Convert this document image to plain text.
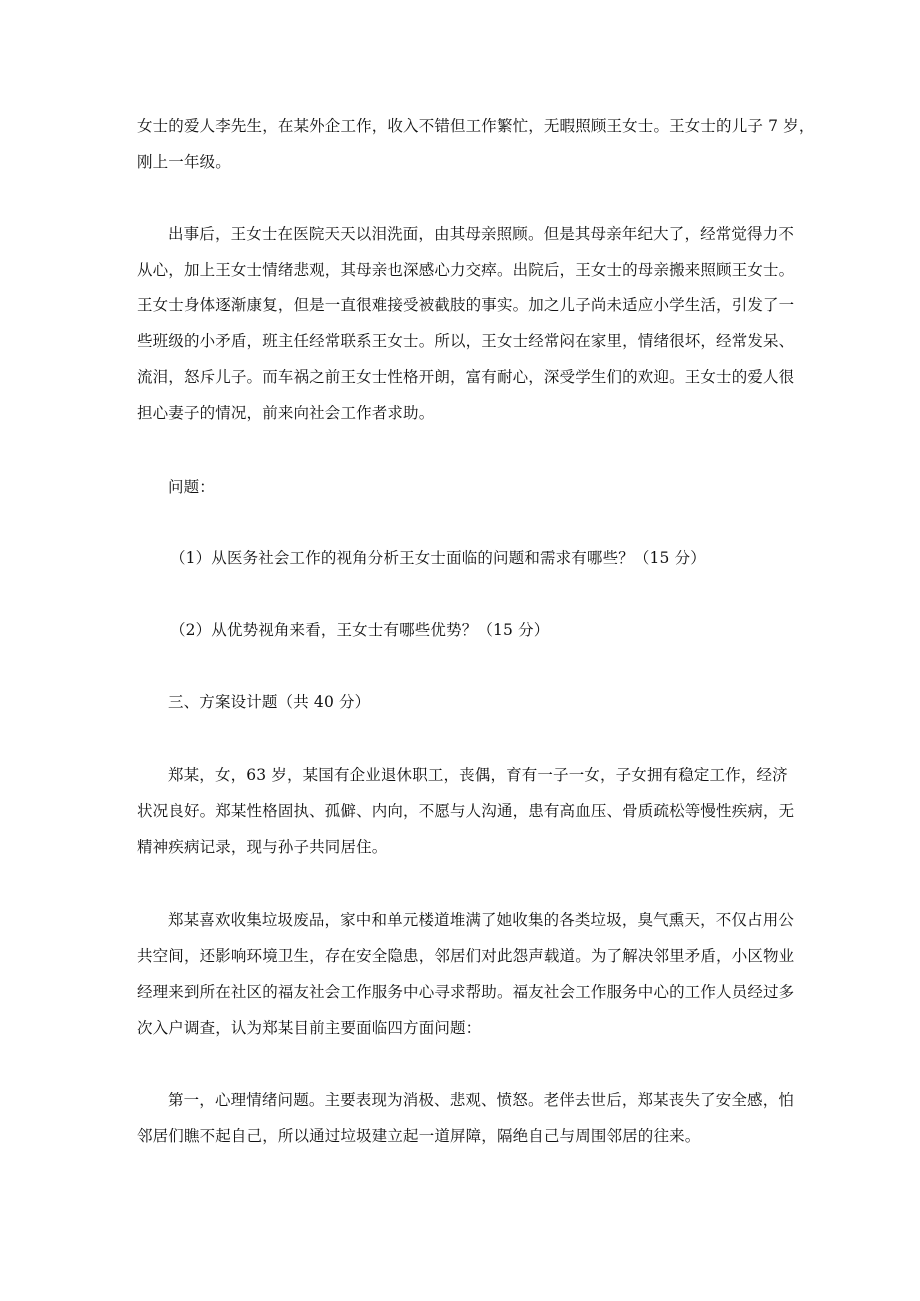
女士的爱人李先生，在某外企工作，收入不错但工作繁忙，无暇照顾王女士。王女士的儿子 7 岁，
刚上一年级。
出事后，王女士在医院天天以泪洗面，由其母亲照顾。但是其母亲年纪大了，经常觉得力不
从心，加上王女士情绪悲观，其母亲也深感心力交瘁。出院后，王女士的母亲搬来照顾王女士。
王女士身体逐渐康复，但是一直很难接受被截肢的事实。加之儿子尚未适应小学生活，引发了一
些班级的小矛盾，班主任经常联系王女士。所以，王女士经常闷在家里，情绪很坏，经常发呆、
流泪，怒斥儿子。而车祸之前王女士性格开朗，富有耐心，深受学生们的欢迎。王女士的爱人很
担心妻子的情况，前来向社会工作者求助。
问题：
（1）从医务社会工作的视角分析王女士面临的问题和需求有哪些？（15 分）
（2）从优势视角来看，王女士有哪些优势？（15 分）
三、方案设计题（共 40 分）
郑某，女，63 岁，某国有企业退休职工，丧偶，育有一子一女，子女拥有稳定工作，经济
状况良好。郑某性格固执、孤僻、内向，不愿与人沟通，患有高血压、骨质疏松等慢性疾病，无
精神疾病记录，现与孙子共同居住。
郑某喜欢收集垃圾废品，家中和单元楼道堆满了她收集的各类垃圾，臭气熏天，不仅占用公
共空间，还影响环境卫生，存在安全隐患，邻居们对此怨声载道。为了解决邻里矛盾，小区物业
经理来到所在社区的福友社会工作服务中心寻求帮助。福友社会工作服务中心的工作人员经过多
次入户调查，认为郑某目前主要面临四方面问题：
第一，心理情绪问题。主要表现为消极、悲观、愤怒。老伴去世后，郑某丧失了安全感，怕
邻居们瞧不起自己，所以通过垃圾建立起一道屏障，隔绝自己与周围邻居的往来。
